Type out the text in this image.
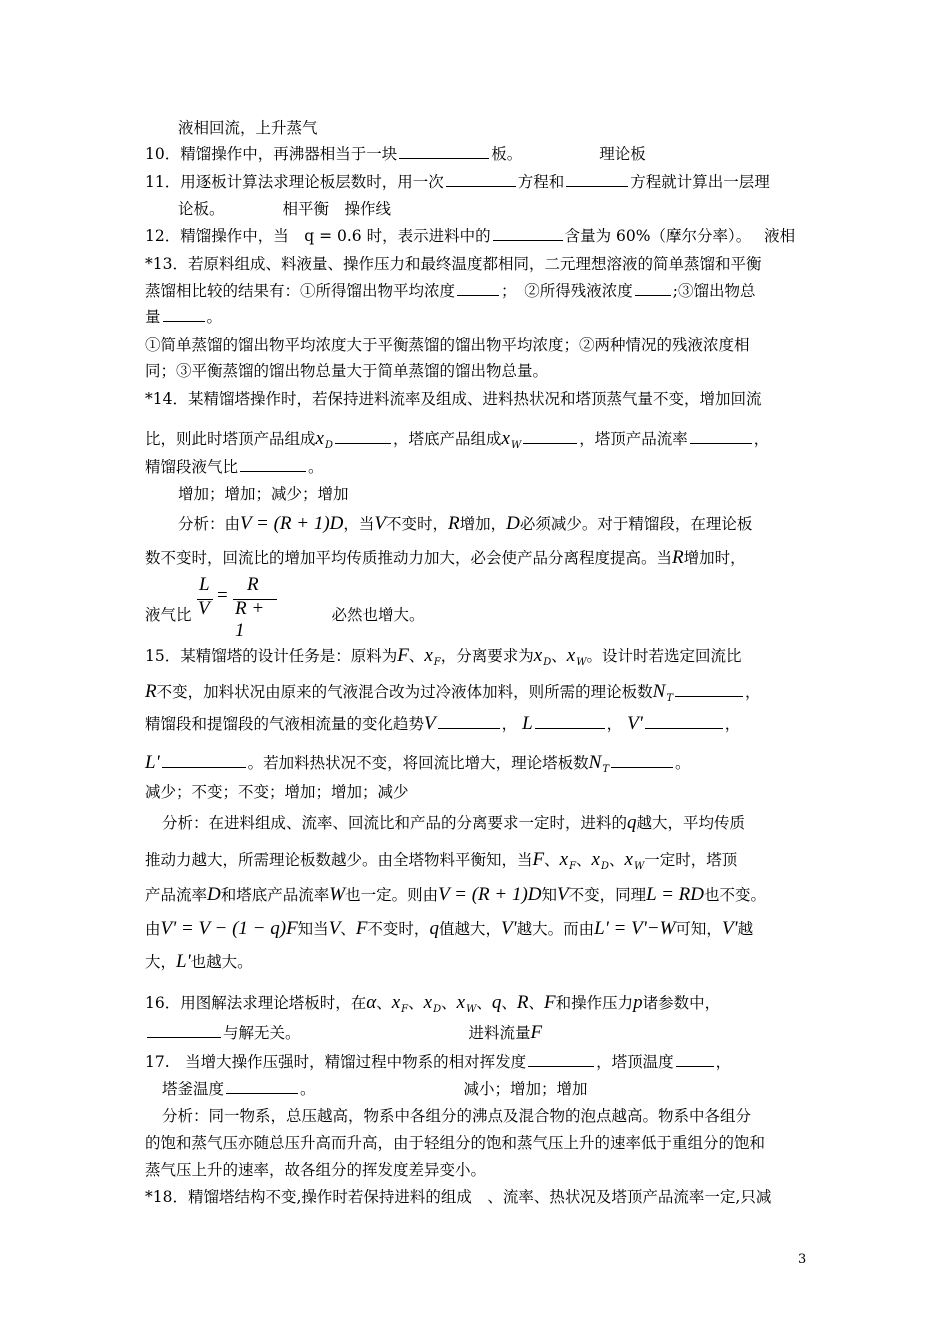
液相回流，上升蒸气
10．精馏操作中，再沸器相当于一块	板。	理论板
11．用逐板计算法求理论板层数时，用一次	方程和	方程就计算出一层理
论板。	相平衡　操作线
12．精馏操作中，当　q = 0.6 时，表示进料中的	含量为 60%（摩尔分率）。 液相
*13．若原料组成、料液量、操作压力和最终温度都相同，二元理想溶液的简单蒸馏和平衡
蒸馏相比较的结果有：①所得馏出物平均浓度	；　②所得残液浓度	;③馏出物总
量	。
①简单蒸馏的馏出物平均浓度大于平衡蒸馏的馏出物平均浓度；②两种情况的残液浓度相
同；③平衡蒸馏的馏出物总量大于简单蒸馏的馏出物总量。
*14．某精馏塔操作时，若保持进料流率及组成、进料热状况和塔顶蒸气量不变，增加回流
比，则此时塔顶产品组成$x_D$	，塔底产品组成$x_W$	，塔顶产品流率	，
精馏段液气比	。
增加；增加；减少；增加
分析：由V = (R + 1)D，当V不变时，R增加，D必须减少。对于精馏段，在理论板
数不变时，回流比的增加平均传质推动力加大，必会使产品分离程度提高。当R增加时，
L
V
=
R
R + 1
液气比	必然也增大。
15．某精馏塔的设计任务是：原料为F、$x_F$，分离要求为$x_D$、$x_W$。设计时若选定回流比
R不变，加料状况由原来的气液混合改为过冷液体加料，则所需的理论板数$N_T$	，
精馏段和提馏段的气液相流量的变化趋势V	， L	， V'	，
L'	。若加料热状况不变，将回流比增大，理论塔板数$N_T$	。
减少；不变；不变；增加；增加；减少
分析：在进料组成、流率、回流比和产品的分离要求一定时，进料的q越大，平均传质
推动力越大，所需理论板数越少。由全塔物料平衡知，当F、$x_F$、$x_D$、$x_W$一定时，塔顶
产品流率D和塔底产品流率W也一定。则由V = (R + 1)D知V不变，同理L = RD也不变。
由V' = V − (1 − q)F知当V、F不变时，q值越大，V'越大。而由L' = V'−W可知，V'越
大，L'也越大。
16．用图解法求理论塔板时，在α、$x_F$、$x_D$、$x_W$、q、R、F和操作压力p诸参数中，
与解无关。	进料流量F
17.　当增大操作压强时，精馏过程中物系的相对挥发度	，塔顶温度	，
塔釜温度	。	减小；增加；增加
分析：同一物系，总压越高，物系中各组分的沸点及混合物的泡点越高。物系中各组分
的饱和蒸气压亦随总压升高而升高，由于轻组分的饱和蒸气压上升的速率低于重组分的饱和
蒸气压上升的速率，故各组分的挥发度差异变小。
*18．精馏塔结构不变,操作时若保持进料的组成　、流率、热状况及塔顶产品流率一定,只减
3
